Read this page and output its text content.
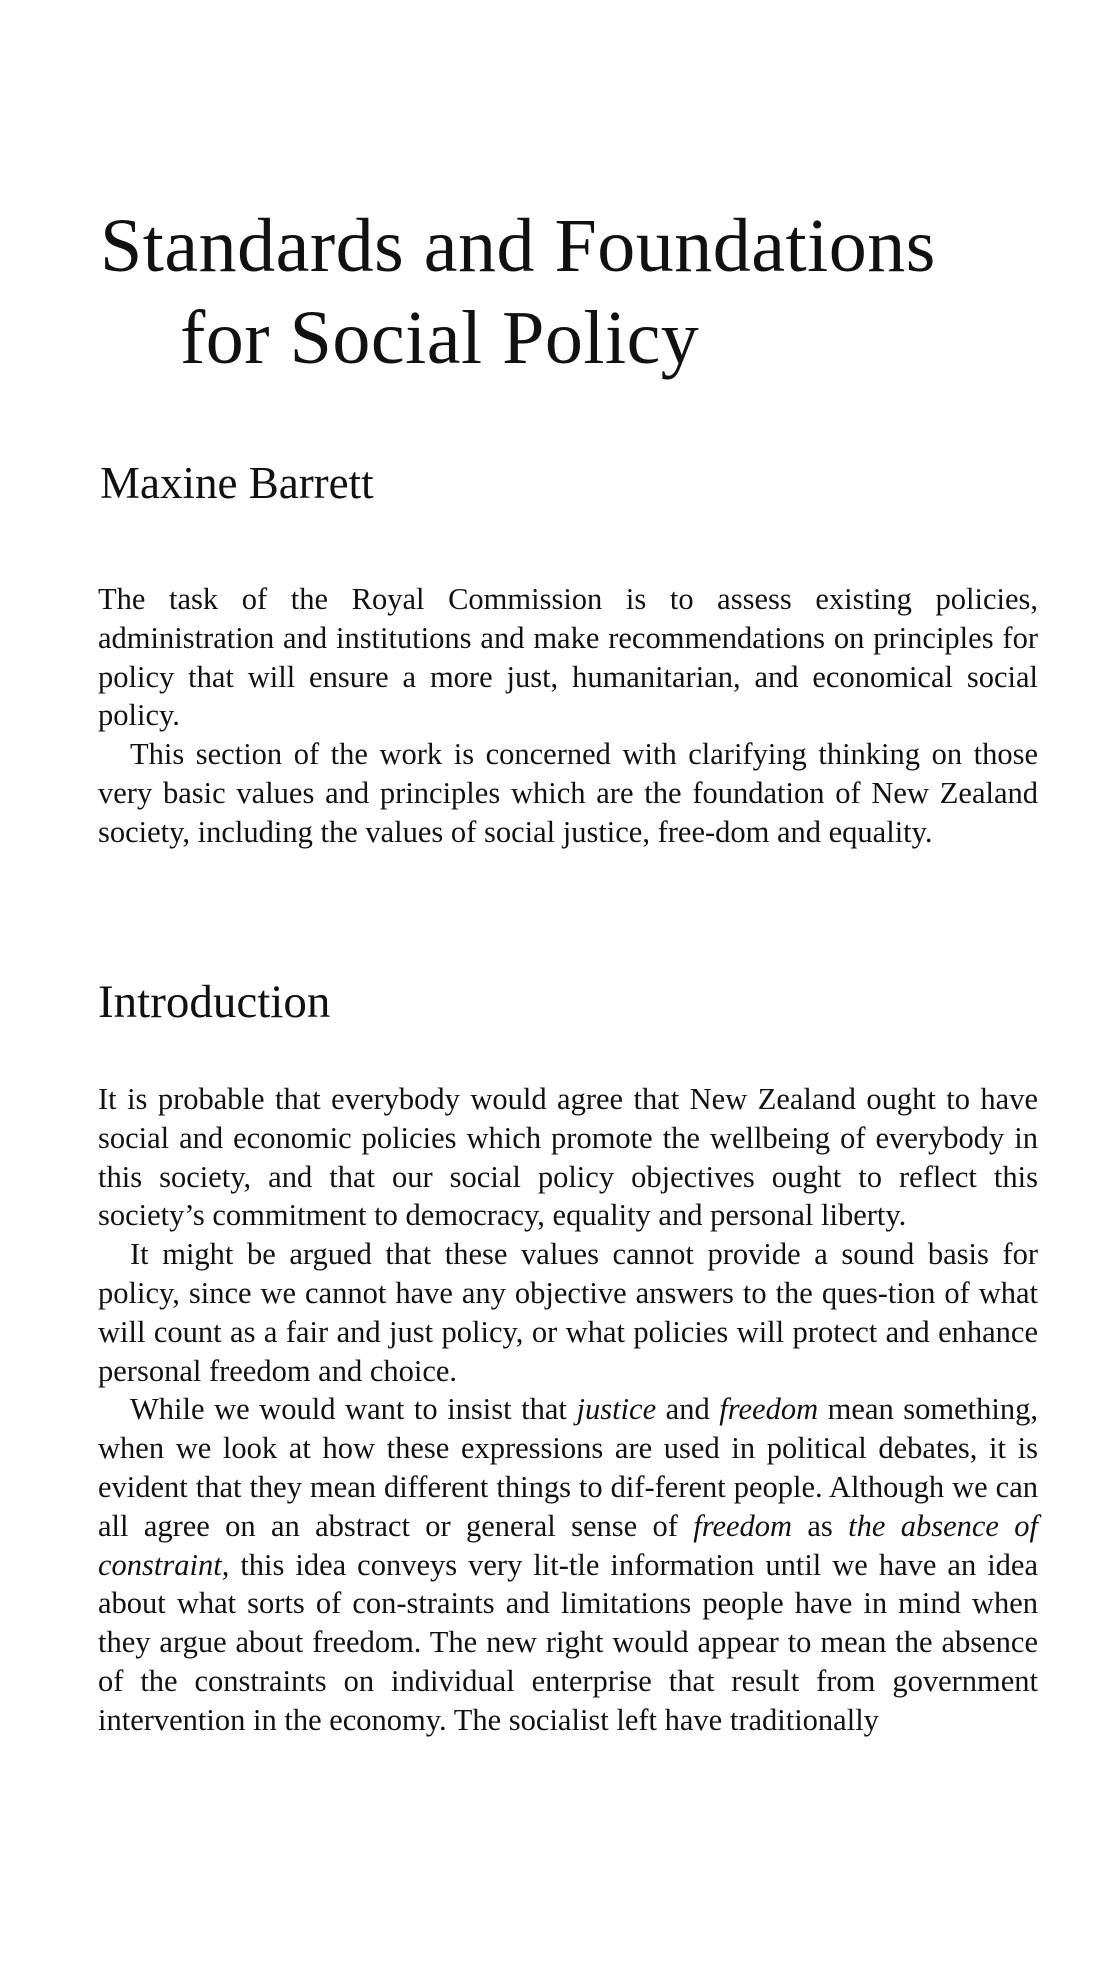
Standards and Foundations
for Social Policy
Maxine Barrett

The task of the Royal Commission is to assess existing policies, administration and institutions and make recommendations on principles for policy that will ensure a more just, humanitarian, and economical social policy.

This section of the work is concerned with clarifying thinking on those very basic values and principles which are the foundation of New Zealand society, including the values of social justice, free-dom and equality.

Introduction

It is probable that everybody would agree that New Zealand ought to have social and economic policies which promote the wellbeing of everybody in this society, and that our social policy objectives ought to reflect this society’s commitment to democracy, equality and personal liberty.

It might be argued that these values cannot provide a sound basis for policy, since we cannot have any objective answers to the ques-tion of what will count as a fair and just policy, or what policies will protect and enhance personal freedom and choice.

While we would want to insist that justice and freedom mean something, when we look at how these expressions are used in political debates, it is evident that they mean different things to dif-ferent people. Although we can all agree on an abstract or general sense of freedom as the absence of constraint, this idea conveys very lit-tle information until we have an idea about what sorts of con-straints and limitations people have in mind when they argue about freedom. The new right would appear to mean the absence of the constraints on individual enterprise that result from government intervention in the economy. The socialist left have traditionally
